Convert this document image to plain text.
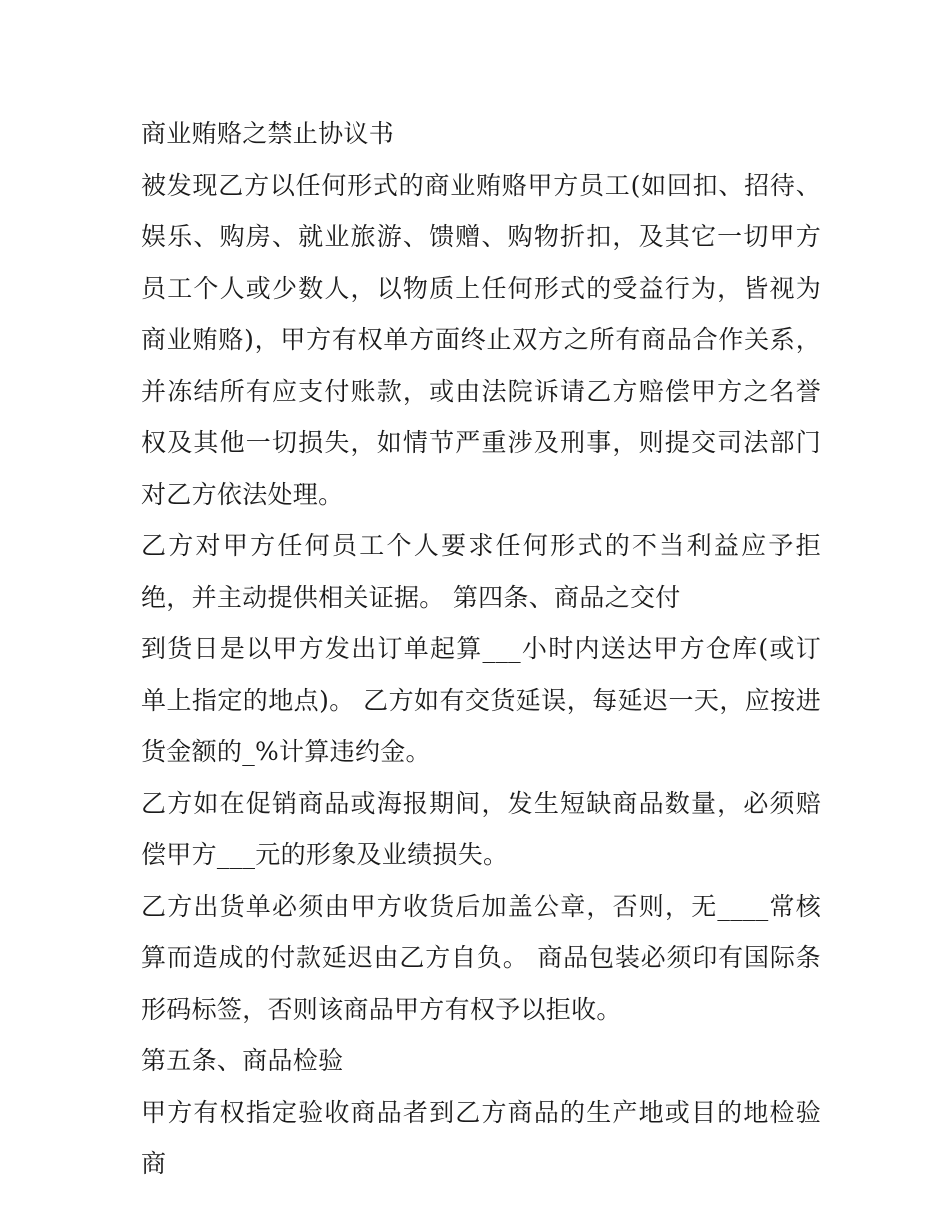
商业贿赂之禁止协议书

被发现乙方以任何形式的商业贿赂甲方员工(如回扣、招待、娱乐、购房、就业旅游、馈赠、购物折扣，及其它一切甲方员工个人或少数人，以物质上任何形式的受益行为，皆视为商业贿赂)，甲方有权单方面终止双方之所有商品合作关系，并冻结所有应支付账款，或由法院诉请乙方赔偿甲方之名誉权及其他一切损失，如情节严重涉及刑事，则提交司法部门对乙方依法处理。

乙方对甲方任何员工个人要求任何形式的不当利益应予拒绝，并主动提供相关证据。 第四条、商品之交付

到货日是以甲方发出订单起算___小时内送达甲方仓库(或订单上指定的地点)。 乙方如有交货延误，每延迟一天，应按进货金额的_%计算违约金。

乙方如在促销商品或海报期间，发生短缺商品数量，必须赔偿甲方___元的形象及业绩损失。

乙方出货单必须由甲方收货后加盖公章，否则，无____常核算而造成的付款延迟由乙方自负。 商品包装必须印有国际条形码标签，否则该商品甲方有权予以拒收。

第五条、商品检验

甲方有权指定验收商品者到乙方商品的生产地或目的地检验商
